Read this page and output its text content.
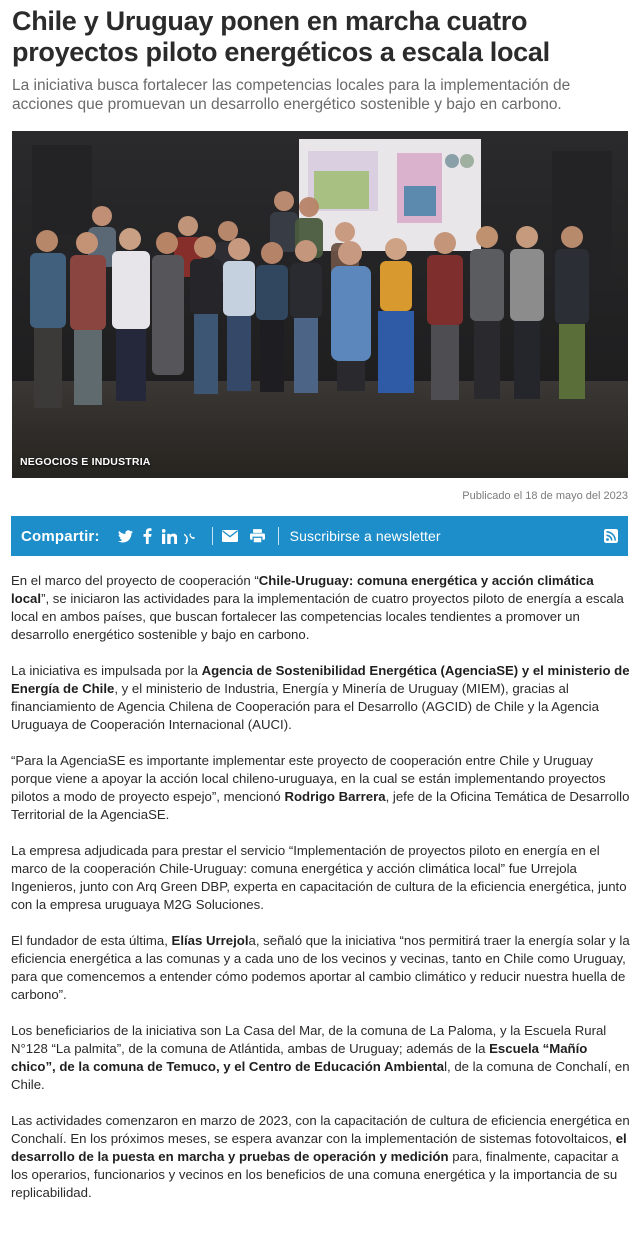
Chile y Uruguay ponen en marcha cuatro proyectos piloto energéticos a escala local

La iniciativa busca fortalecer las competencias locales para la implementación de acciones que promuevan un desarrollo energético sostenible y bajo en carbono.

NEGOCIOS E INDUSTRIA

Publicado el 18 de mayo del 2023

Compartir:	Suscribirse a newsletter

En el marco del proyecto de cooperación “Chile-Uruguay: comuna energética y acción climática local”, se iniciaron las actividades para la implementación de cuatro proyectos piloto de energía a escala local en ambos países, que buscan fortalecer las competencias locales tendientes a promover un desarrollo energético sostenible y bajo en carbono.

La iniciativa es impulsada por la Agencia de Sostenibilidad Energética (AgenciaSE) y el ministerio de Energía de Chile, y el ministerio de Industria, Energía y Minería de Uruguay (MIEM), gracias al financiamiento de Agencia Chilena de Cooperación para el Desarrollo (AGCID) de Chile y la Agencia Uruguaya de Cooperación Internacional (AUCI).

“Para la AgenciaSE es importante implementar este proyecto de cooperación entre Chile y Uruguay porque viene a apoyar la acción local chileno-uruguaya, en la cual se están implementando proyectos pilotos a modo de proyecto espejo”, mencionó Rodrigo Barrera, jefe de la Oficina Temática de Desarrollo Territorial de la AgenciaSE.

La empresa adjudicada para prestar el servicio “Implementación de proyectos piloto en energía en el marco de la cooperación Chile-Uruguay: comuna energética y acción climática local” fue Urrejola Ingenieros, junto con Arq Green DBP, experta en capacitación de cultura de la eficiencia energética, junto con la empresa uruguaya M2G Soluciones.

El fundador de esta última, Elías Urrejola, señaló que la iniciativa “nos permitirá traer la energía solar y la eficiencia energética a las comunas y a cada uno de los vecinos y vecinas, tanto en Chile como Uruguay, para que comencemos a entender cómo podemos aportar al cambio climático y reducir nuestra huella de carbono”.

Los beneficiarios de la iniciativa son La Casa del Mar, de la comuna de La Paloma, y la Escuela Rural N°128 “La palmita”, de la comuna de Atlántida, ambas de Uruguay; además de la Escuela “Mañío chico”, de la comuna de Temuco, y el Centro de Educación Ambiental, de la comuna de Conchalí, en Chile.

Las actividades comenzaron en marzo de 2023, con la capacitación de cultura de eficiencia energética en Conchalí. En los próximos meses, se espera avanzar con la implementación de sistemas fotovoltaicos, el desarrollo de la puesta en marcha y pruebas de operación y medición para, finalmente, capacitar a los operarios, funcionarios y vecinos en los beneficios de una comuna energética y la importancia de su replicabilidad.
